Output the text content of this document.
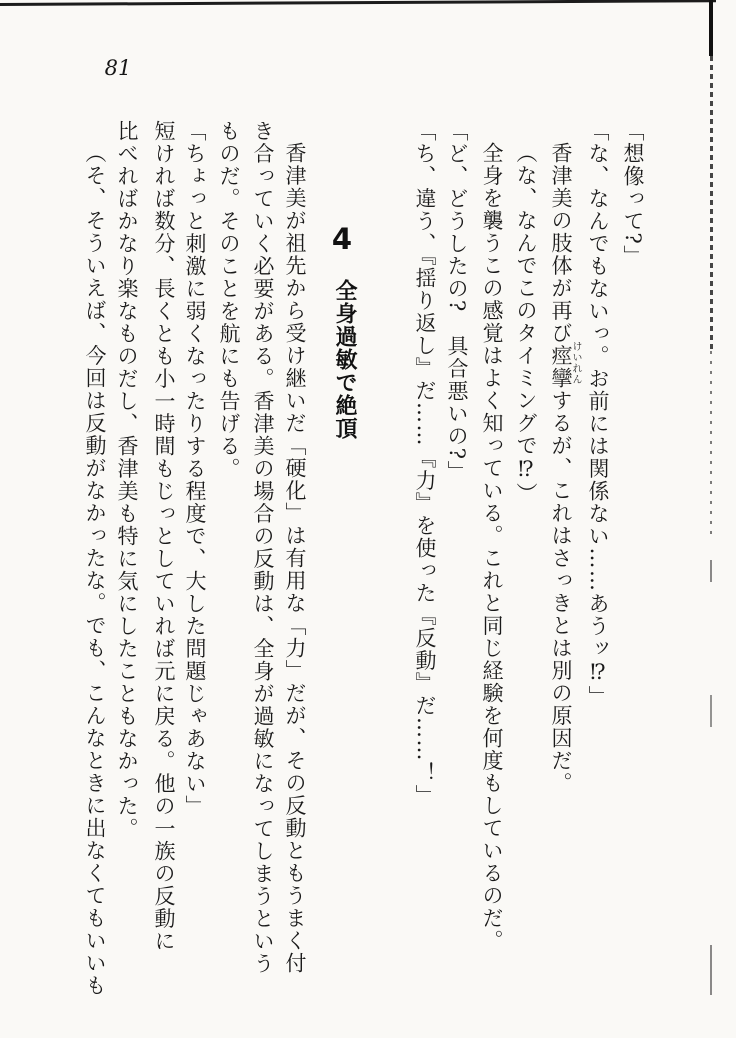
81
「想像って?」
「な、なんでもないっ。お前には関係ない……あうッ⁉」
香津美の肢体が再び痙攣するが、これはさっきとは別の原因だ。
けいれん
（な、なんでこのタイミングで⁉）
全身を襲うこの感覚はよく知っている。これと同じ経験を何度もしているのだ。
「ど、どうしたの?　具合悪いの?」
「ち、違う、『揺り返し』だ……『力』を使った『反動』だ……！」
4
全身過敏で絶頂
香津美が祖先から受け継いだ「硬化」は有用な「力」だが、その反動ともうまく付
き合っていく必要がある。香津美の場合の反動は、全身が過敏になってしまうという
ものだ。そのことを航にも告げる。
「ちょっと刺激に弱くなったりする程度で、大した問題じゃあない」
短ければ数分、長くとも小一時間もじっとしていれば元に戻る。他の一族の反動に
比べればかなり楽なものだし、香津美も特に気にしたこともなかった。
（そ、そういえば、今回は反動がなかったな。でも、こんなときに出なくてもいいも
